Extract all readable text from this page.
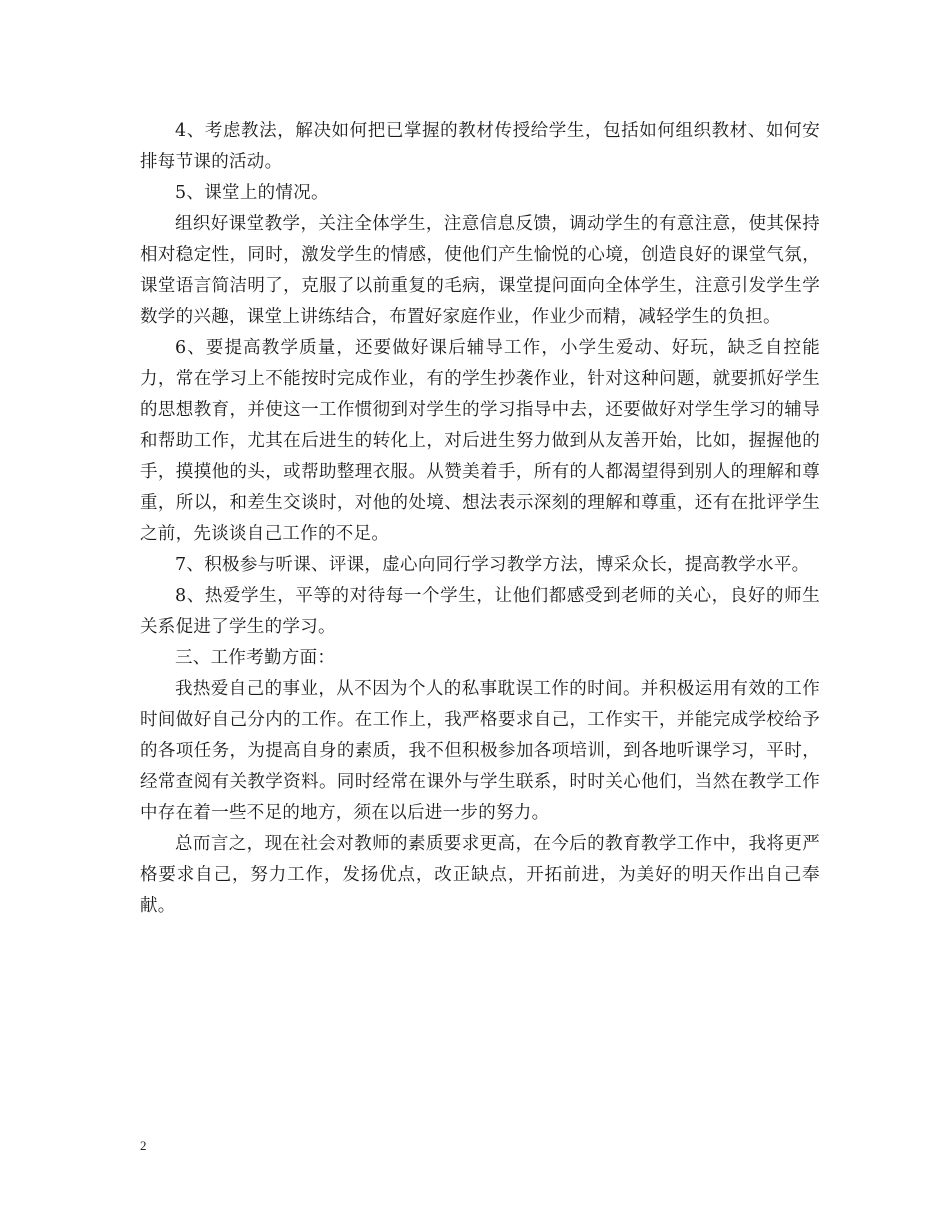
4、考虑教法，解决如何把已掌握的教材传授给学生，包括如何组织教材、如何安排每节课的活动。

5、课堂上的情况。

组织好课堂教学，关注全体学生，注意信息反馈，调动学生的有意注意，使其保持相对稳定性，同时，激发学生的情感，使他们产生愉悦的心境，创造良好的课堂气氛，课堂语言简洁明了，克服了以前重复的毛病，课堂提问面向全体学生，注意引发学生学数学的兴趣，课堂上讲练结合，布置好家庭作业，作业少而精，减轻学生的负担。

6、要提高教学质量，还要做好课后辅导工作，小学生爱动、好玩，缺乏自控能力，常在学习上不能按时完成作业，有的学生抄袭作业，针对这种问题，就要抓好学生的思想教育，并使这一工作惯彻到对学生的学习指导中去，还要做好对学生学习的辅导和帮助工作，尤其在后进生的转化上，对后进生努力做到从友善开始，比如，握握他的手，摸摸他的头，或帮助整理衣服。从赞美着手，所有的人都渴望得到别人的理解和尊重，所以，和差生交谈时，对他的处境、想法表示深刻的理解和尊重，还有在批评学生之前，先谈谈自己工作的不足。

7、积极参与听课、评课，虚心向同行学习教学方法，博采众长，提高教学水平。

8、热爱学生，平等的对待每一个学生，让他们都感受到老师的关心，良好的师生关系促进了学生的学习。

三、工作考勤方面：

我热爱自己的事业，从不因为个人的私事耽误工作的时间。并积极运用有效的工作时间做好自己分内的工作。在工作上，我严格要求自己，工作实干，并能完成学校给予的各项任务，为提高自身的素质，我不但积极参加各项培训，到各地听课学习，平时，经常查阅有关教学资料。同时经常在课外与学生联系，时时关心他们，当然在教学工作中存在着一些不足的地方，须在以后进一步的努力。

总而言之，现在社会对教师的素质要求更高，在今后的教育教学工作中，我将更严格要求自己，努力工作，发扬优点，改正缺点，开拓前进，为美好的明天作出自己奉献。

2
